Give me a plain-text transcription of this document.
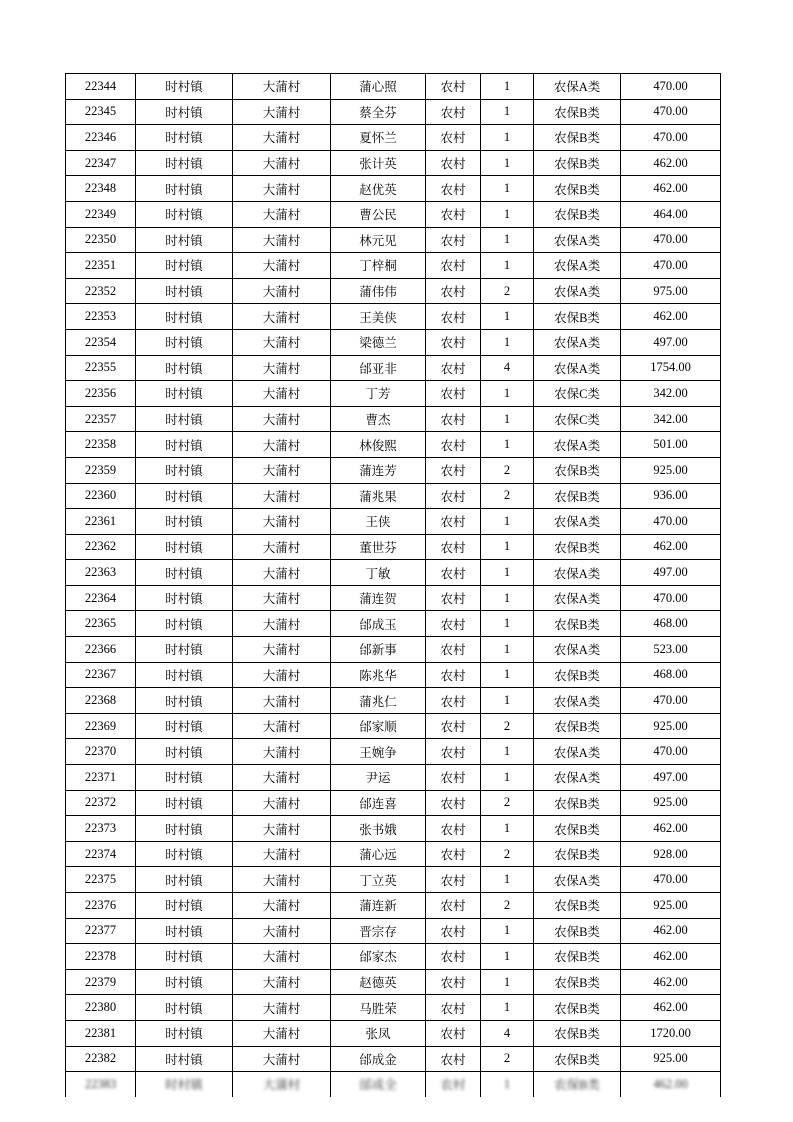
22344	时村镇	大蒲村	蒲心照	农村	1	农保A类	470.00
22345	时村镇	大蒲村	蔡全芬	农村	1	农保B类	470.00
22346	时村镇	大蒲村	夏怀兰	农村	1	农保B类	470.00
22347	时村镇	大蒲村	张计英	农村	1	农保B类	462.00
22348	时村镇	大蒲村	赵优英	农村	1	农保B类	462.00
22349	时村镇	大蒲村	曹公民	农村	1	农保B类	464.00
22350	时村镇	大蒲村	林元见	农村	1	农保A类	470.00
22351	时村镇	大蒲村	丁梓桐	农村	1	农保A类	470.00
22352	时村镇	大蒲村	蒲伟伟	农村	2	农保A类	975.00
22353	时村镇	大蒲村	王美侠	农村	1	农保B类	462.00
22354	时村镇	大蒲村	梁德兰	农村	1	农保A类	497.00
22355	时村镇	大蒲村	邰亚非	农村	4	农保A类	1754.00
22356	时村镇	大蒲村	丁芳	农村	1	农保C类	342.00
22357	时村镇	大蒲村	曹杰	农村	1	农保C类	342.00
22358	时村镇	大蒲村	林俊熙	农村	1	农保A类	501.00
22359	时村镇	大蒲村	蒲连芳	农村	2	农保B类	925.00
22360	时村镇	大蒲村	蒲兆果	农村	2	农保B类	936.00
22361	时村镇	大蒲村	王侠	农村	1	农保A类	470.00
22362	时村镇	大蒲村	董世芬	农村	1	农保B类	462.00
22363	时村镇	大蒲村	丁敏	农村	1	农保A类	497.00
22364	时村镇	大蒲村	蒲连贺	农村	1	农保A类	470.00
22365	时村镇	大蒲村	邰成玉	农村	1	农保B类	468.00
22366	时村镇	大蒲村	邰新事	农村	1	农保A类	523.00
22367	时村镇	大蒲村	陈兆华	农村	1	农保B类	468.00
22368	时村镇	大蒲村	蒲兆仁	农村	1	农保A类	470.00
22369	时村镇	大蒲村	邰家顺	农村	2	农保B类	925.00
22370	时村镇	大蒲村	王婉争	农村	1	农保A类	470.00
22371	时村镇	大蒲村	尹运	农村	1	农保A类	497.00
22372	时村镇	大蒲村	邰连喜	农村	2	农保B类	925.00
22373	时村镇	大蒲村	张书娥	农村	1	农保B类	462.00
22374	时村镇	大蒲村	蒲心远	农村	2	农保B类	928.00
22375	时村镇	大蒲村	丁立英	农村	1	农保A类	470.00
22376	时村镇	大蒲村	蒲连新	农村	2	农保B类	925.00
22377	时村镇	大蒲村	晋宗存	农村	1	农保B类	462.00
22378	时村镇	大蒲村	邰家杰	农村	1	农保B类	462.00
22379	时村镇	大蒲村	赵德英	农村	1	农保B类	462.00
22380	时村镇	大蒲村	马胜荣	农村	1	农保B类	462.00
22381	时村镇	大蒲村	张凤	农村	4	农保B类	1720.00
22382	时村镇	大蒲村	邰成金	农村	2	农保B类	925.00
22383	时村镇	大蒲村	邰成全	农村	1	农保B类	462.00
